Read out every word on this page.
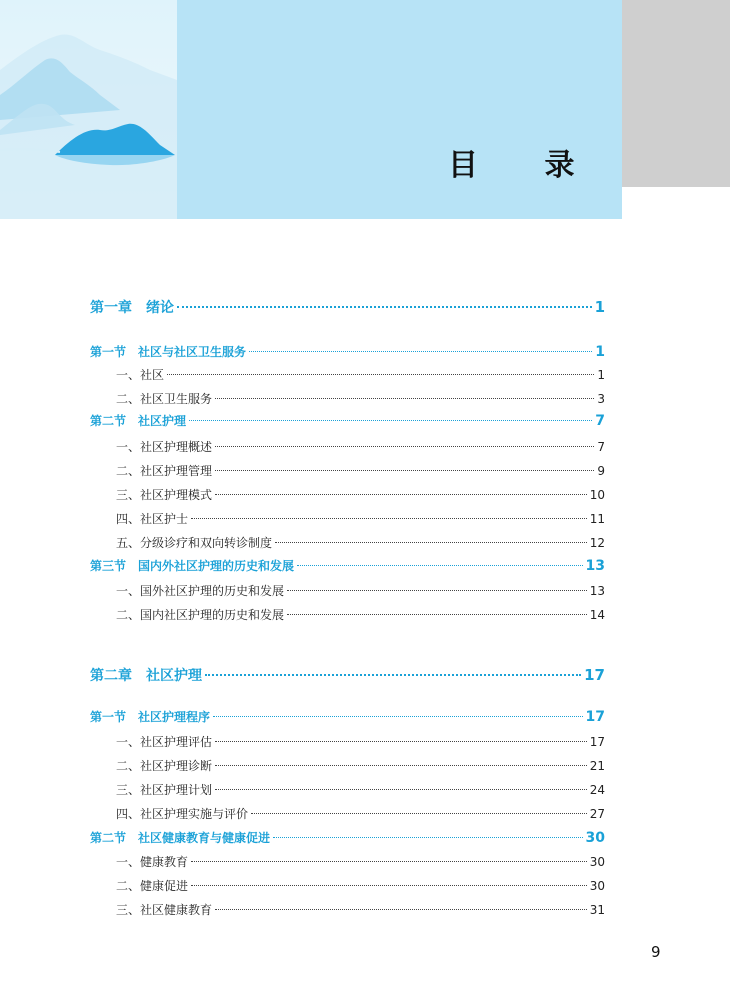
目 录
第一章　绪论	1
第一节　社区与社区卫生服务	1
一、社区	1
二、社区卫生服务	3
第二节　社区护理	7
一、社区护理概述	7
二、社区护理管理	9
三、社区护理模式	10
四、社区护士	11
五、分级诊疗和双向转诊制度	12
第三节　国内外社区护理的历史和发展	13
一、国外社区护理的历史和发展	13
二、国内社区护理的历史和发展	14
第二章　社区护理	17
第一节　社区护理程序	17
一、社区护理评估	17
二、社区护理诊断	21
三、社区护理计划	24
四、社区护理实施与评价	27
第二节　社区健康教育与健康促进	30
一、健康教育	30
二、健康促进	30
三、社区健康教育	31
9
